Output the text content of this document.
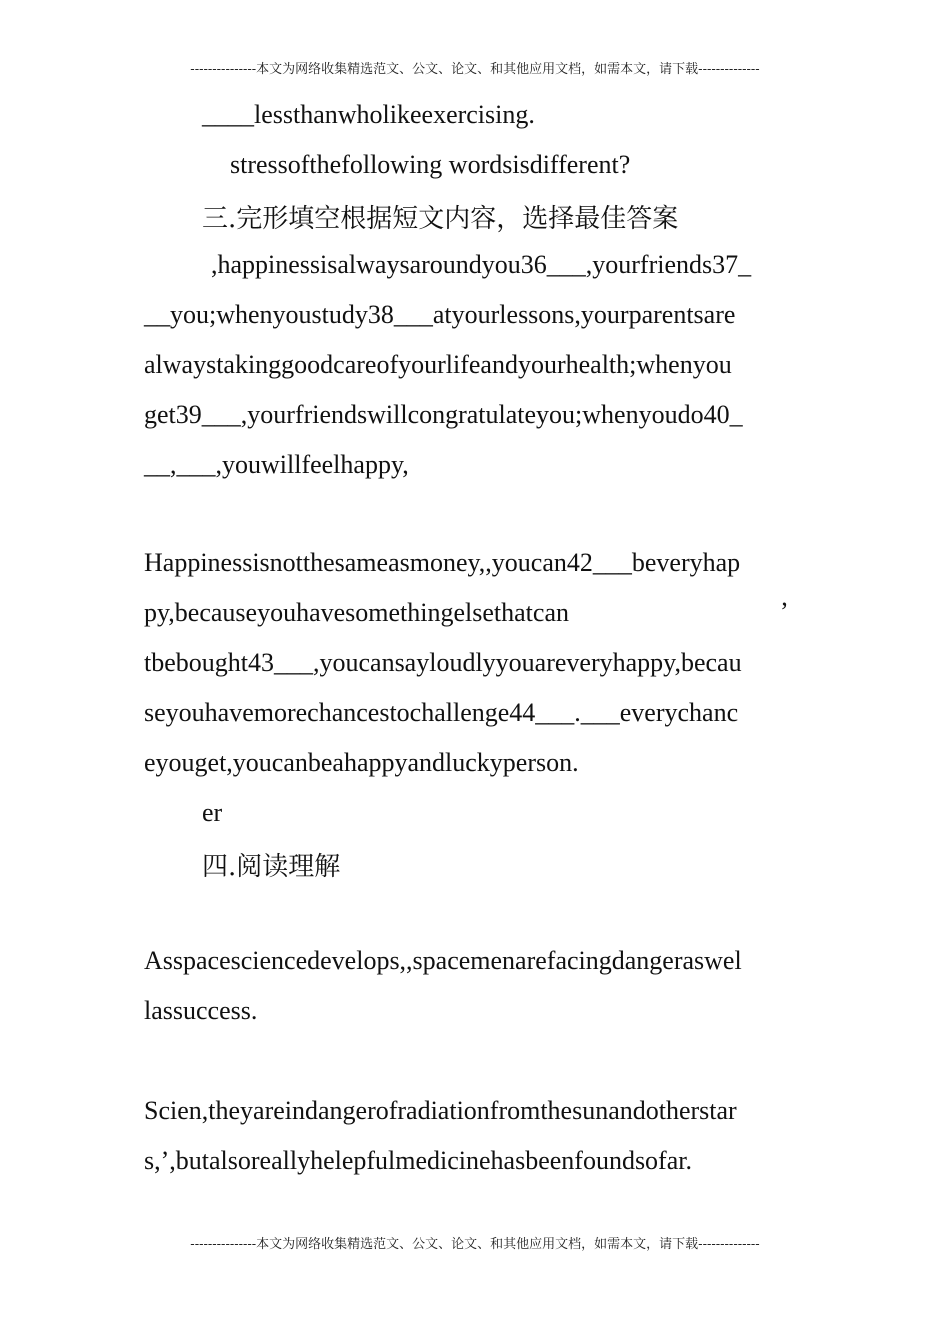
---------------本文为网络收集精选范文、公文、论文、和其他应用文档，如需本文，请下载--------------
____lessthanwholikeexercising.
stressofthefollowing wordsisdifferent?
三.完形填空根据短文内容，选择最佳答案
,happinessisalwaysaroundyou36___,yourfriends37_
__you;whenyoustudy38___atyourlessons,yourparentsare
alwaystakinggoodcareofyourlifeandyourhealth;whenyou
get39___,yourfriendswillcongratulateyou;whenyoudo40_
__,___,youwillfeelhappy,
Happinessisnotthesameasmoney,,youcan42___beveryhap
py,becauseyouhavesomethingelsethatcan	’
tbebought43___,youcansayloudlyyouareveryhappy,becau
seyouhavemorechancestochallenge44___.___everychanc
eyouget,youcanbeahappyandluckyperson.
er
四.阅读理解
Asspacesciencedevelops,,spacemenarefacingdangeraswel
lassuccess.
Scien,theyareindangerofradiationfromthesunandotherstar
s,’,butalsoreallyhelepfulmedicinehasbeenfoundsofar.
---------------本文为网络收集精选范文、公文、论文、和其他应用文档，如需本文，请下载--------------
